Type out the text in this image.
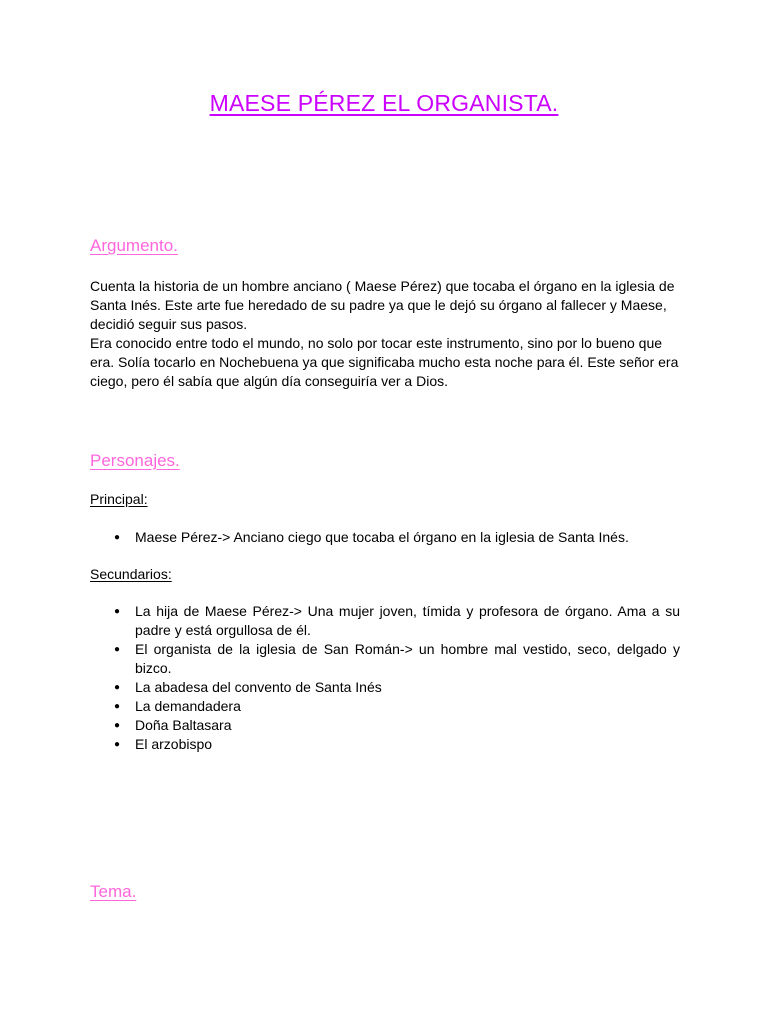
MAESE PÉREZ EL ORGANISTA.
Argumento.

Cuenta la historia de un hombre anciano ( Maese Pérez) que tocaba el órgano en la iglesia de Santa Inés. Este arte fue heredado de su padre ya que le dejó su órgano al fallecer y Maese, decidió seguir sus pasos.

Era conocido entre todo el mundo, no solo por tocar este instrumento, sino por lo bueno que era. Solía tocarlo en Nochebuena ya que significaba mucho esta noche para él. Este señor era ciego, pero él sabía que algún día conseguiría ver a Dios.

Personajes.
Principal:
● Maese Pérez-> Anciano ciego que tocaba el órgano en la iglesia de Santa Inés.
Secundarios:
● La hija de Maese Pérez-> Una mujer joven, tímida y profesora de órgano. Ama a su padre y está orgullosa de él.
● El organista de la iglesia de San Román-> un hombre mal vestido, seco, delgado y bizco.
● La abadesa del convento de Santa Inés
● La demandadera
● Doña Baltasara
● El arzobispo
Tema.
